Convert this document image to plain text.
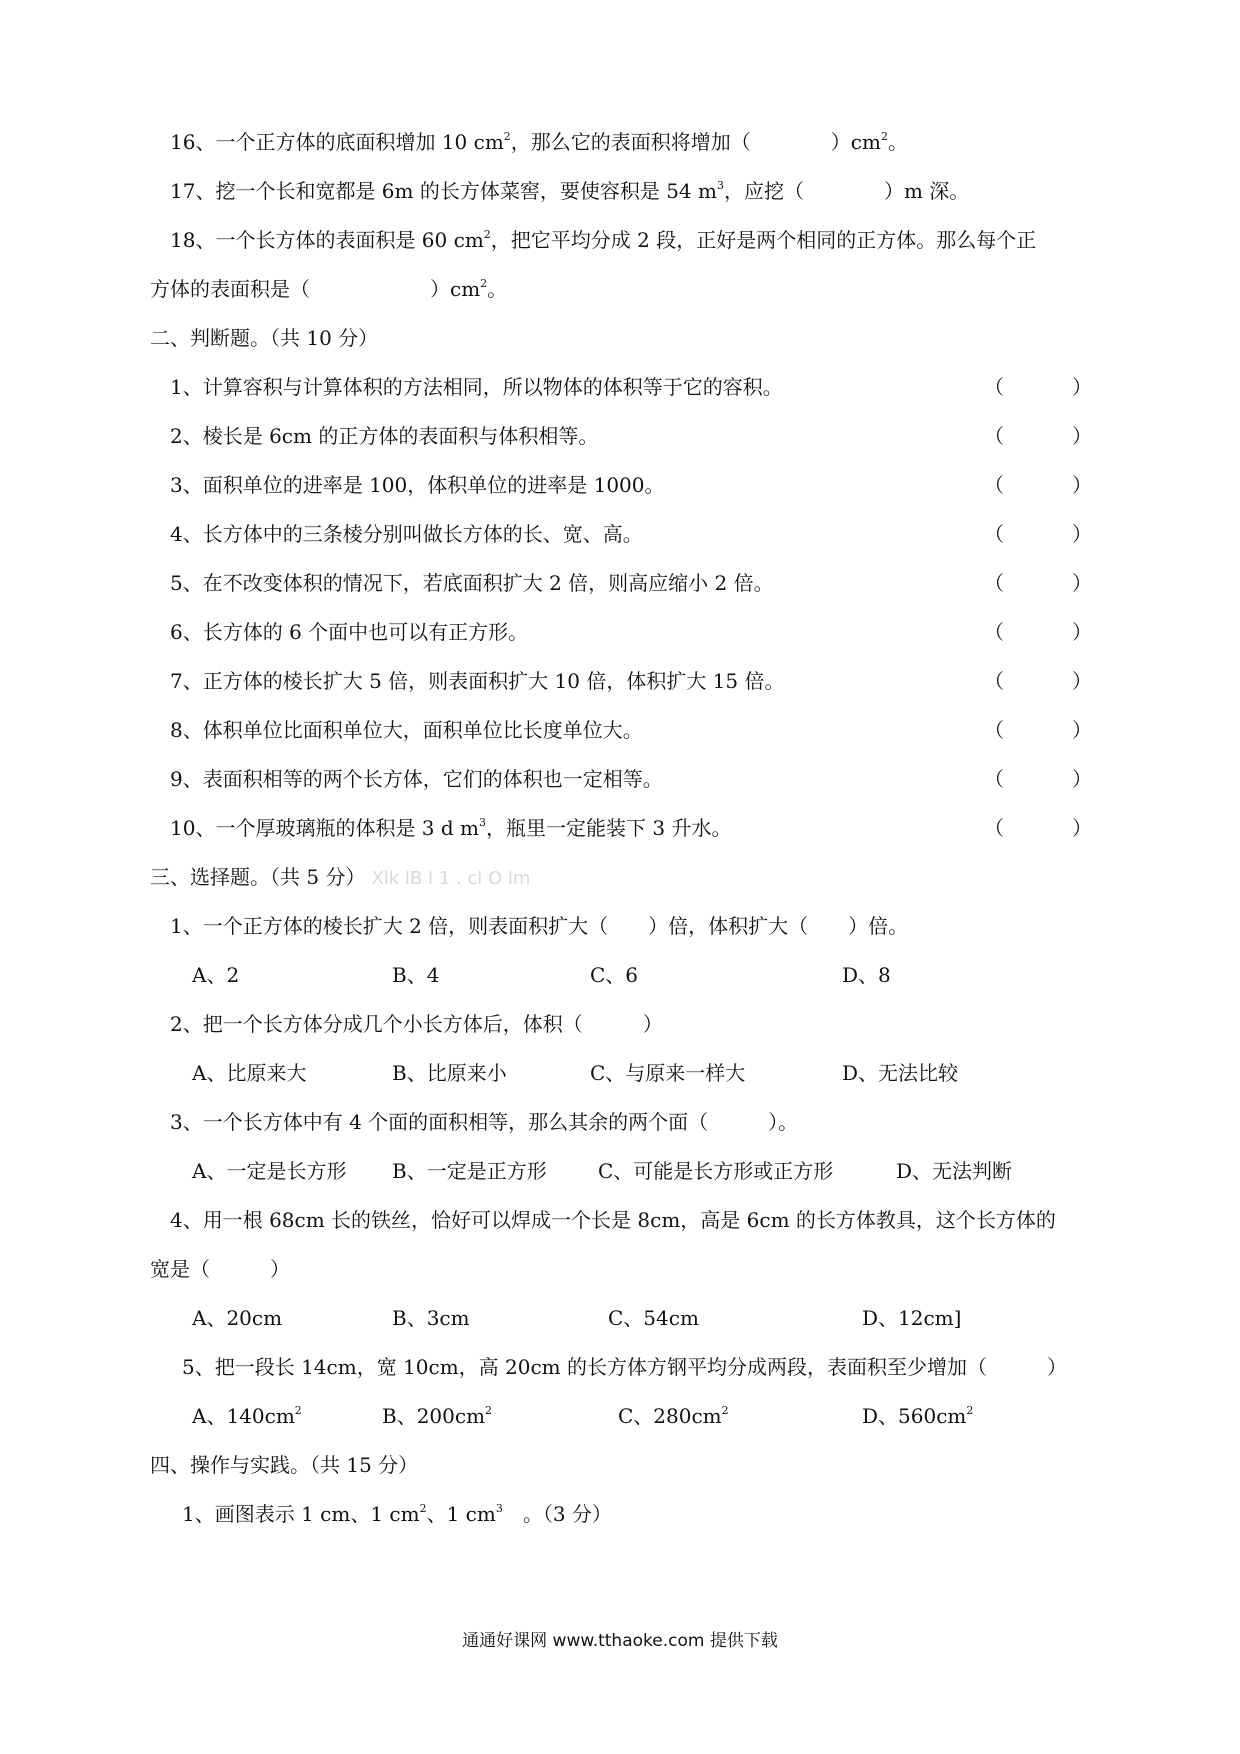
16、一个正方体的底面积增加 10 $cm^2$，那么它的表面积将增加（　　　　）$cm^2$。
17、挖一个长和宽都是 6m 的长方体菜窖，要使容积是 54 $m^3$，应挖（　　　　）m 深。
18、一个长方体的表面积是 60 $cm^2$，把它平均分成 2 段，正好是两个相同的正方体。那么每个正
方体的表面积是（　　　　　　）$cm^2$。
二、判断题。（共 10 分）
1、计算容积与计算体积的方法相同，所以物体的体积等于它的容积。	（	）
2、棱长是 6cm 的正方体的表面积与体积相等。	（	）
3、面积单位的进率是 100，体积单位的进率是 1000。	（	）
4、长方体中的三条棱分别叫做长方体的长、宽、高。	（	）
5、在不改变体积的情况下，若底面积扩大 2 倍，则高应缩小 2 倍。	（	）
6、长方体的 6 个面中也可以有正方形。	（	）
7、正方体的棱长扩大 5 倍，则表面积扩大 10 倍，体积扩大 15 倍。	（	）
8、体积单位比面积单位大，面积单位比长度单位大。	（	）
9、表面积相等的两个长方体，它们的体积也一定相等。	（	）
10、一个厚玻璃瓶的体积是 3 d $m^3$，瓶里一定能装下 3 升水。	（	）
三、选择题。（共 5 分） Xlk lB l 1 . cl O lm
1、一个正方体的棱长扩大 2 倍，则表面积扩大（　　）倍，体积扩大（　　）倍。
A、2	B、4	C、6	D、8
2、把一个长方体分成几个小长方体后，体积（　　　）
A、比原来大	B、比原来小	C、与原来一样大	D、无法比较
3、一个长方体中有 4 个面的面积相等，那么其余的两个面（　　　）。
A、一定是长方形 B、一定是正方形	C、可能是长方形或正方形	D、无法判断
4、用一根 68cm 长的铁丝，恰好可以焊成一个长是 8cm，高是 6cm 的长方体教具，这个长方体的
宽是（　　　）
A、20cm	B、3cm	C、54cm	D、12cm]
5、把一段长 14cm，宽 10cm，高 20cm 的长方体方钢平均分成两段，表面积至少增加（　　　）
A、$140cm^2$	B、$200cm^2$	C、$280cm^2$	D、$560cm^2$
四、操作与实践。（共 15 分）
1、画图表示 1 cm、1 $cm^2$、1 $cm^3$　。（3 分）
通通好课网 www.tthaoke.com 提供下载
